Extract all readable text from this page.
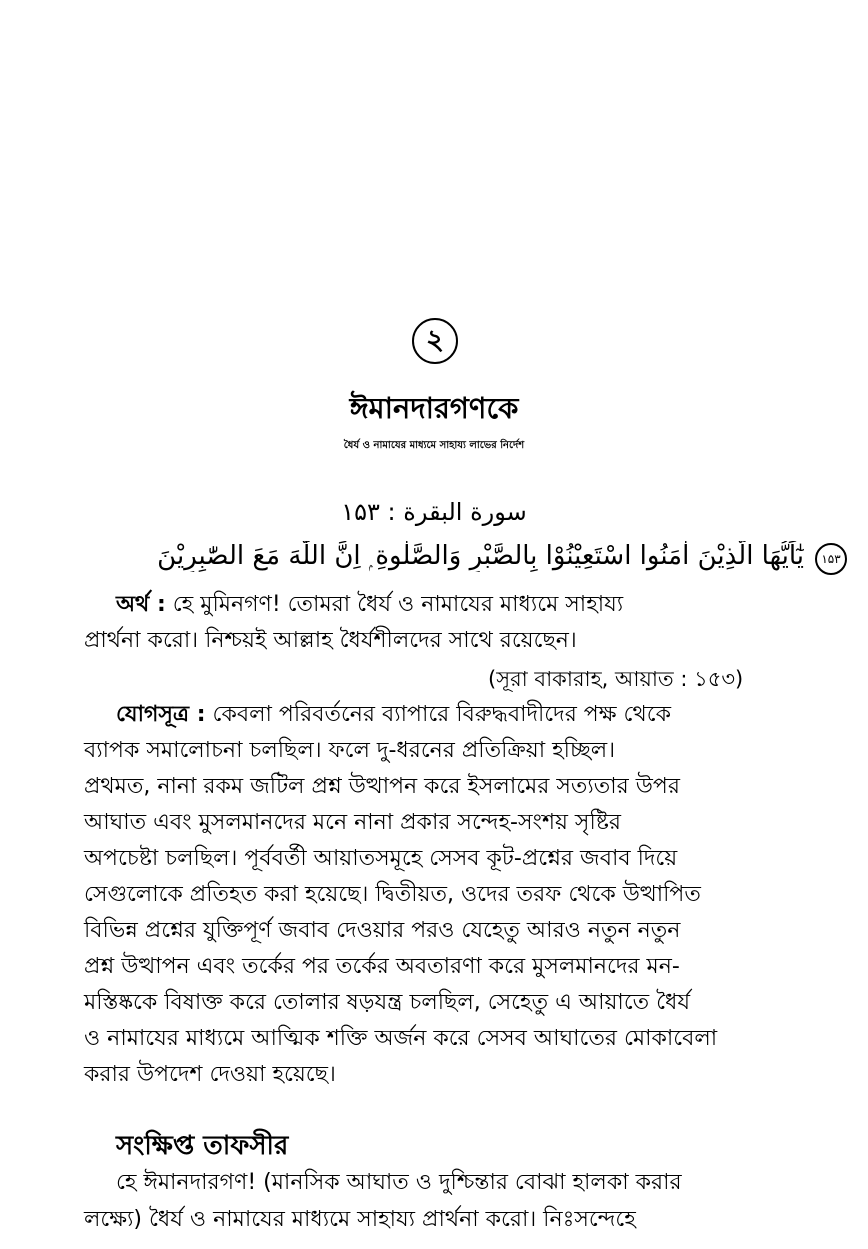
২
ঈমানদারগণকে
ধৈর্য ও নামাযের মাধ্যমে সাহায্য লাভের নির্দেশ
سورة البقرة : ۱۵۳
يٰٓاَيُّهَا الَّذِيْنَ اٰمَنُوا اسْتَعِيْنُوْا بِالصَّبْرِ وَالصَّلٰوةِ ۭ اِنَّ اللّٰهَ مَعَ الصّٰبِرِيْنَ ۱۵۳
অর্থ : হে মুমিনগণ! তোমরা ধৈর্য ও নামাযের মাধ্যমে সাহায্য
প্রার্থনা করো। নিশ্চয়ই আল্লাহ ধৈর্যশীলদের সাথে রয়েছেন।
(সূরা বাকারাহ, আয়াত : ১৫৩)
যোগসূত্র : কেবলা পরিবর্তনের ব্যাপারে বিরুদ্ধবাদীদের পক্ষ থেকে
ব্যাপক সমালোচনা চলছিল। ফলে দু-ধরনের প্রতিক্রিয়া হচ্ছিল।
প্রথমত, নানা রকম জটিল প্রশ্ন উত্থাপন করে ইসলামের সত্যতার উপর
আঘাত এবং মুসলমানদের মনে নানা প্রকার সন্দেহ-সংশয় সৃষ্টির
অপচেষ্টা চলছিল। পূর্ববর্তী আয়াতসমূহে সেসব কূট-প্রশ্নের জবাব দিয়ে
সেগুলোকে প্রতিহত করা হয়েছে। দ্বিতীয়ত, ওদের তরফ থেকে উত্থাপিত
বিভিন্ন প্রশ্নের যুক্তিপূর্ণ জবাব দেওয়ার পরও যেহেতু আরও নতুন নতুন
প্রশ্ন উত্থাপন এবং তর্কের পর তর্কের অবতারণা করে মুসলমানদের মন-
মস্তিষ্ককে বিষাক্ত করে তোলার ষড়যন্ত্র চলছিল, সেহেতু এ আয়াতে ধৈর্য
ও নামাযের মাধ্যমে আত্মিক শক্তি অর্জন করে সেসব আঘাতের মোকাবেলা
করার উপদেশ দেওয়া হয়েছে।
সংক্ষিপ্ত তাফসীর
হে ঈমানদারগণ! (মানসিক আঘাত ও দুশ্চিন্তার বোঝা হালকা করার
লক্ষ্যে) ধৈর্য ও নামাযের মাধ্যমে সাহায্য প্রার্থনা করো। নিঃসন্দেহে
